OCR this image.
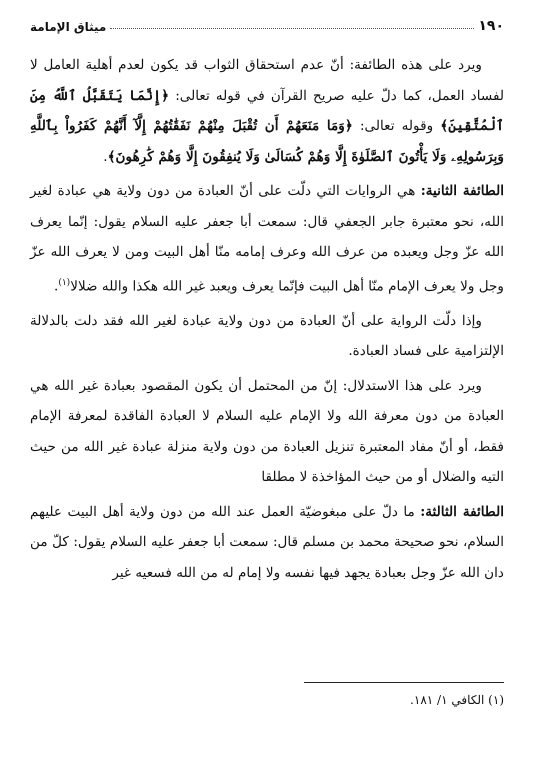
١٩٠
ميثاق الإمامة

ويرد على هذه الطائفة: أنّ عدم استحقاق الثواب قد يكون لعدم أهلية العامل لا لفساد العمل، كما دلّ عليه صريح القرآن في قوله تعالى: ﴿إِنَّمَا يَتَقَبَّلُ ٱللَّهُ مِنَ ٱلْمُتَّقِينَ﴾ وقوله تعالى: ﴿وَمَا مَنَعَهُمْ أَن تُقْبَلَ مِنْهُمْ نَفَقَٰتُهُمْ إِلَّآ أَنَّهُمْ كَفَرُواْ بِٱللَّهِ وَبِرَسُولِهِۦ وَلَا يَأْتُونَ ٱلصَّلَوٰةَ إِلَّا وَهُمْ كُسَالَىٰ وَلَا يُنفِقُونَ إِلَّا وَهُمْ كَٰرِهُونَ﴾.

الطائفة الثانية: هي الروايات التي دلّت على أنّ العبادة من دون ولاية هي عبادة لغير الله، نحو معتبرة جابر الجعفي قال: سمعت أبا جعفر عليه السلام يقول: إنّما يعرف الله عزّ وجل ويعبده من عرف الله وعرف إمامه منّا أهل البيت ومن لا يعرف الله عزّ وجل ولا يعرف الإمام منّا أهل البيت فإنّما يعرف ويعبد غير الله هكذا والله ضلالا$^{(١)}$.

وإذا دلّت الرواية على أنّ العبادة من دون ولاية عبادة لغير الله فقد دلت بالدلالة الإلتزامية على فساد العبادة.

ويرد على هذا الاستدلال: إنّ من المحتمل أن يكون المقصود بعبادة غير الله هي العبادة من دون معرفة الله ولا الإمام عليه السلام لا العبادة الفاقدة لمعرفة الإمام فقط، أو أنّ مفاد المعتبرة تنزيل العبادة من دون ولاية منزلة عبادة غير الله من حيث التيه والضلال أو من حيث المؤاخذة لا مطلقا

الطائفة الثالثة: ما دلّ على مبغوضيّة العمل عند الله من دون ولاية أهل البيت عليهم السلام، نحو صحيحة محمد بن مسلم قال: سمعت أبا جعفر عليه السلام يقول: كلّ من دان الله عزّ وجل بعبادة يجهد فيها نفسه ولا إمام له من الله فسعيه غير

(١) الكافي ١/ ١٨١.
